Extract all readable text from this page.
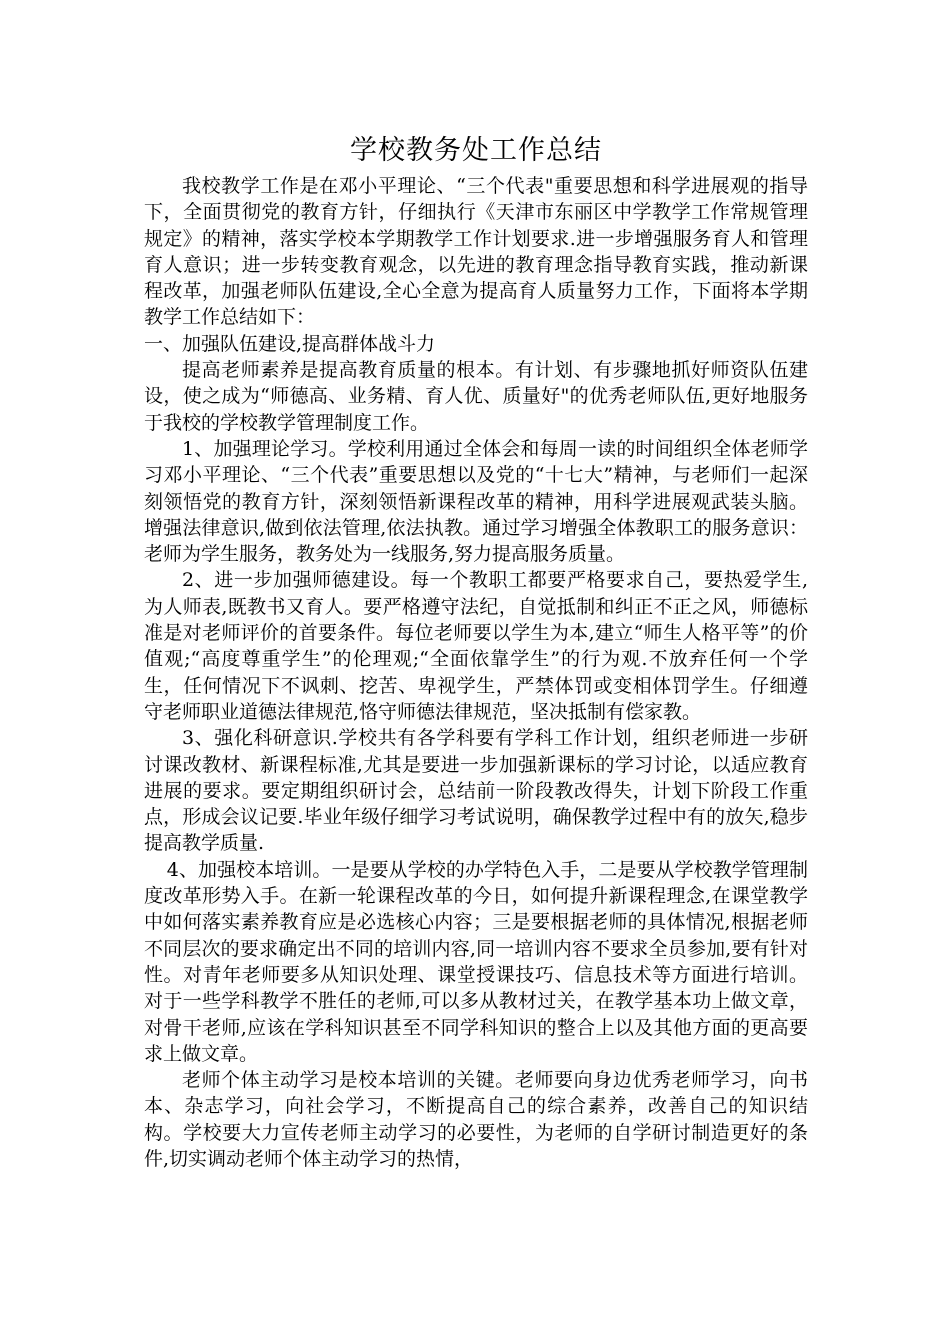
学校教务处工作总结

我校教学工作是在邓小平理论、“三个代表"重要思想和科学进展观的指导下，全面贯彻党的教育方针，仔细执行《天津市东丽区中学教学工作常规管理规定》的精神，落实学校本学期教学工作计划要求.进一步增强服务育人和管理育人意识；进一步转变教育观念，以先进的教育理念指导教育实践，推动新课程改革，加强老师队伍建设,全心全意为提高育人质量努力工作，下面将本学期教学工作总结如下：

一、加强队伍建设,提高群体战斗力

提高老师素养是提高教育质量的根本。有计划、有步骤地抓好师资队伍建设，使之成为“师德高、业务精、育人优、质量好"的优秀老师队伍,更好地服务于我校的学校教学管理制度工作。

1、加强理论学习。学校利用通过全体会和每周一读的时间组织全体老师学习邓小平理论、“三个代表”重要思想以及党的“十七大”精神，与老师们一起深刻领悟党的教育方针，深刻领悟新课程改革的精神，用科学进展观武装头脑。增强法律意识,做到依法管理,依法执教。通过学习增强全体教职工的服务意识：老师为学生服务，教务处为一线服务,努力提高服务质量。

2、进一步加强师德建设。每一个教职工都要严格要求自己，要热爱学生,为人师表,既教书又育人。要严格遵守法纪，自觉抵制和纠正不正之风，师德标准是对老师评价的首要条件。每位老师要以学生为本,建立“师生人格平等”的价值观;“高度尊重学生”的伦理观;“全面依靠学生”的行为观.不放弃任何一个学生，任何情况下不讽刺、挖苦、卑视学生，严禁体罚或变相体罚学生。仔细遵守老师职业道德法律规范,恪守师德法律规范，坚决抵制有偿家教。

3、强化科研意识.学校共有各学科要有学科工作计划，组织老师进一步研讨课改教材、新课程标准,尤其是要进一步加强新课标的学习讨论，以适应教育进展的要求。要定期组织研讨会，总结前一阶段教改得失，计划下阶段工作重点，形成会议记要.毕业年级仔细学习考试说明，确保教学过程中有的放矢,稳步提高教学质量.

4、加强校本培训。一是要从学校的办学特色入手，二是要从学校教学管理制度改革形势入手。在新一轮课程改革的今日，如何提升新课程理念,在课堂教学中如何落实素养教育应是必选核心内容；三是要根据老师的具体情况,根据老师不同层次的要求确定出不同的培训内容,同一培训内容不要求全员参加,要有针对性。对青年老师要多从知识处理、课堂授课技巧、信息技术等方面进行培训。对于一些学科教学不胜任的老师,可以多从教材过关，在教学基本功上做文章，对骨干老师,应该在学科知识甚至不同学科知识的整合上以及其他方面的更高要求上做文章。

老师个体主动学习是校本培训的关键。老师要向身边优秀老师学习，向书本、杂志学习，向社会学习，不断提高自己的综合素养，改善自己的知识结构。学校要大力宣传老师主动学习的必要性，为老师的自学研讨制造更好的条件,切实调动老师个体主动学习的热情，
